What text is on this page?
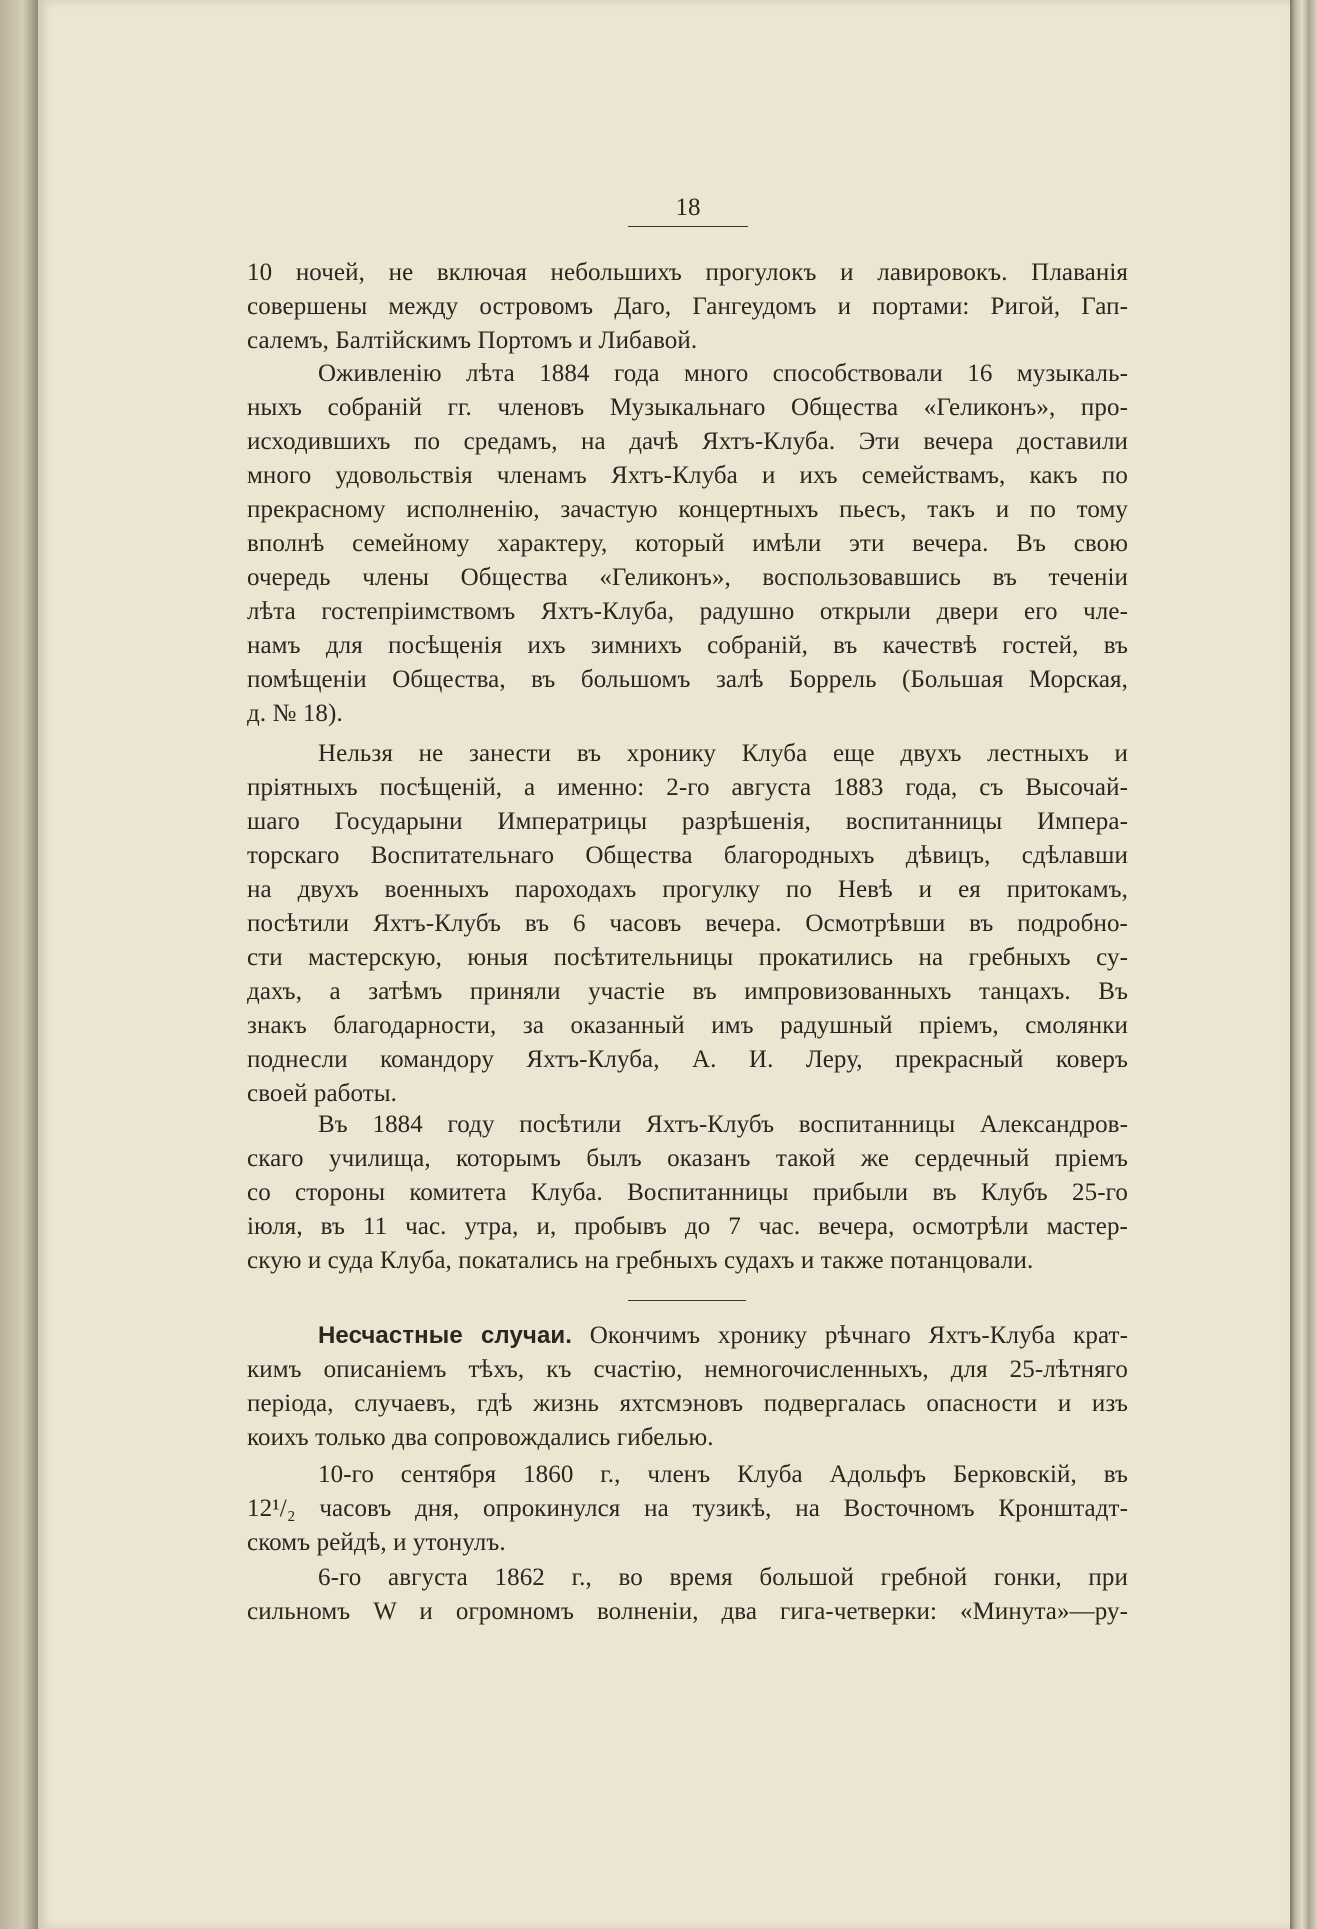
18
10 ночей, не включая небольшихъ прогулокъ и лавировокъ. Плаванія
совершены между островомъ Даго, Гангеудомъ и портами: Ригой, Гап-
салемъ, Балтійскимъ Портомъ и Либавой.
Оживленію лѣта 1884 года много способствовали 16 музыкаль-
ныхъ собраній гг. членовъ Музыкальнаго Общества «Геликонъ», про-
исходившихъ по средамъ, на дачѣ Яхтъ-Клуба. Эти вечера доставили
много удовольствія членамъ Яхтъ-Клуба и ихъ семействамъ, какъ по
прекрасному исполненію, зачастую концертныхъ пьесъ, такъ и по тому
вполнѣ семейному характеру, который имѣли эти вечера. Въ свою
очередь члены Общества «Геликонъ», воспользовавшись въ теченіи
лѣта гостепріимствомъ Яхтъ-Клуба, радушно открыли двери его чле-
намъ для посѣщенія ихъ зимнихъ собраній, въ качествѣ гостей, въ
помѣщеніи Общества, въ большомъ залѣ Боррель (Большая Морская,
д. № 18).
Нельзя не занести въ хронику Клуба еще двухъ лестныхъ и
пріятныхъ посѣщеній, а именно: 2-го августа 1883 года, съ Высочай-
шаго Государыни Императрицы разрѣшенія, воспитанницы Импера-
торскаго Воспитательнаго Общества благородныхъ дѣвицъ, сдѣлавши
на двухъ военныхъ пароходахъ прогулку по Невѣ и ея притокамъ,
посѣтили Яхтъ-Клубъ въ 6 часовъ вечера. Осмотрѣвши въ подробно-
сти мастерскую, юныя посѣтительницы прокатились на гребныхъ су-
дахъ, а затѣмъ приняли участіе въ импровизованныхъ танцахъ. Въ
знакъ благодарности, за оказанный имъ радушный пріемъ, смолянки
поднесли командору Яхтъ-Клуба, А. И. Леру, прекрасный коверъ
своей работы.
Въ 1884 году посѣтили Яхтъ-Клубъ воспитанницы Александров-
скаго училища, которымъ былъ оказанъ такой же сердечный пріемъ
со стороны комитета Клуба. Воспитанницы прибыли въ Клубъ 25-го
іюля, въ 11 час. утра, и, пробывъ до 7 час. вечера, осмотрѣли мастер-
скую и суда Клуба, покатались на гребныхъ судахъ и также потанцовали.
Несчастные случаи. Окончимъ хронику рѣчнаго Яхтъ-Клуба крат-
кимъ описаніемъ тѣхъ, къ счастію, немногочисленныхъ, для 25-лѣтняго
періода, случаевъ, гдѣ жизнь яхтсмэновъ подвергалась опасности и изъ
коихъ только два сопровождались гибелью.
10-го сентября 1860 г., членъ Клуба Адольфъ Берковскій, въ
12¹/₂ часовъ дня, опрокинулся на тузикѣ, на Восточномъ Кронштадт-
скомъ рейдѣ, и утонулъ.
6-го августа 1862 г., во время большой гребной гонки, при
сильномъ W и огромномъ волненіи, два гига-четверки: «Минута»—ру-
